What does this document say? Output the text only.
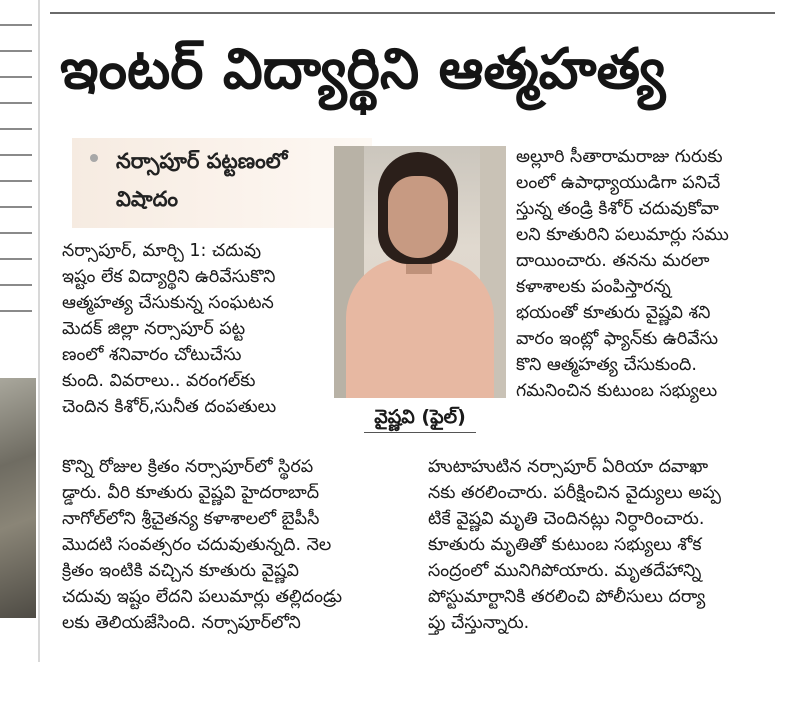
ఇంటర్ విద్యార్థిని ఆత్మహత్య
నర్సాపూర్ పట్టణంలో విషాదం
వైష్ణవి (ఫైల్)

నర్సాపూర్, మార్చి 1: చదువు

ఇష్టం లేక విద్యార్థిని ఉరివేసుకొని

ఆత్మహత్య చేసుకున్న సంఘటన

మెదక్ జిల్లా నర్సాపూర్ పట్ట

ణంలో శనివారం చోటుచేసు

కుంది. వివరాలు.. వరంగల్‌కు

చెందిన కిశోర్,సునీత దంపతులు

కొన్ని రోజుల క్రితం నర్సాపూర్‌లో స్థిరప

డ్డారు. వీరి కూతురు వైష్ణవి హైదరాబాద్

నాగోల్‌లోని శ్రీచైతన్య కళాశాలలో బైపీసీ

మొదటి సంవత్సరం చదువుతున్నది. నెల

క్రితం ఇంటికి వచ్చిన కూతురు వైష్ణవి

చదువు ఇష్టం లేదని పలుమార్లు తల్లిదండ్రు

లకు తెలియజేసింది. నర్సాపూర్‌లోని

అల్లూరి సీతారామరాజు గురుకు

లంలో ఉపాధ్యాయుడిగా పనిచే

స్తున్న తండ్రి కిశోర్ చదువుకోవా

లని కూతురిని పలుమార్లు సము

దాయించారు. తనను మరలా

కళాశాలకు పంపిస్తారన్న

భయంతో కూతురు వైష్ణవి శని

వారం ఇంట్లో ఫ్యాన్‌కు ఉరివేసు

కొని ఆత్మహత్య చేసుకుంది.

గమనించిన కుటుంబ సభ్యులు

హుటాహుటిన నర్సాపూర్ ఏరియా దవాఖా

నకు తరలించారు. పరీక్షించిన వైద్యులు అప్ప

టికే వైష్ణవి మృతి చెందినట్లు నిర్ధారించారు.

కూతురు మృతితో కుటుంబ సభ్యులు శోక

సంద్రంలో మునిగిపోయారు. మృతదేహాన్ని

పోస్టుమార్టానికి తరలించి పోలీసులు దర్యా

ప్తు చేస్తున్నారు.
